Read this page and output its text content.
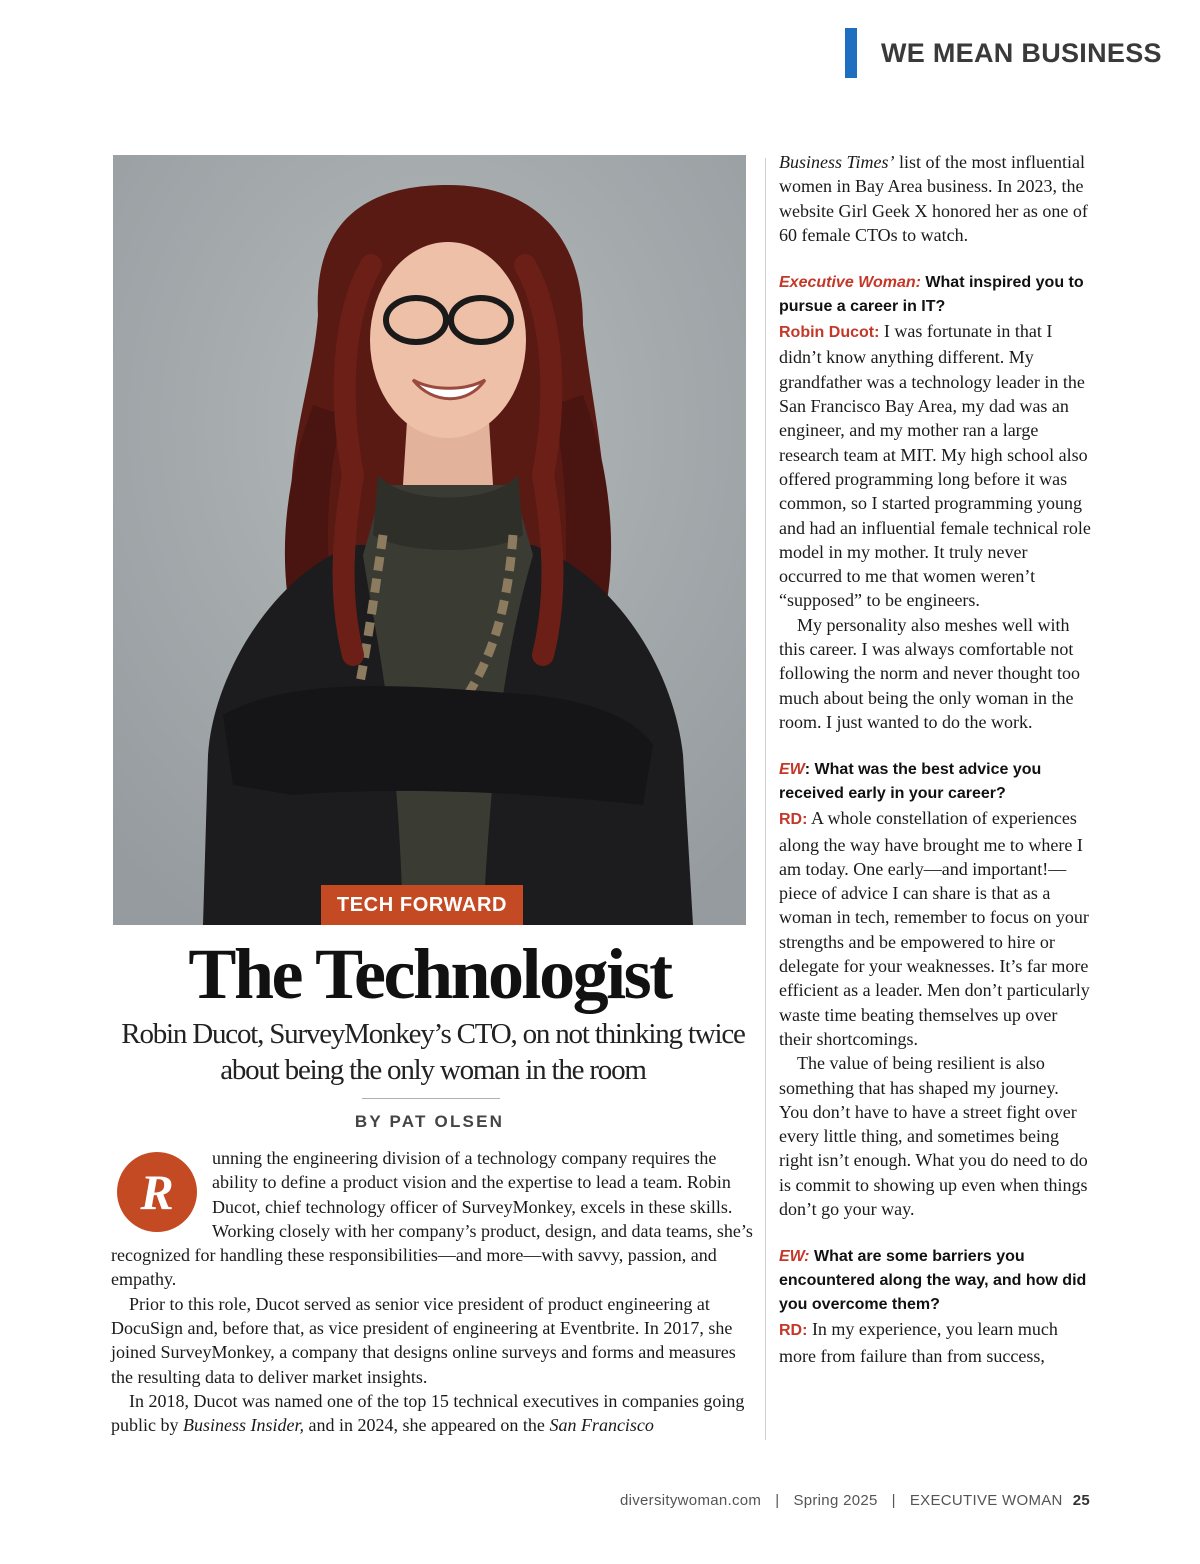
WE MEAN BUSINESS
TECH FORWARD
The Technologist
Robin Ducot, SurveyMonkey’s CTO, on not thinking twice about being the only woman in the room
BY PAT OLSEN
R

unning the engineering division of a technology company requires the ability to define a product vision and the expertise to lead a team. Robin Ducot, chief technology officer of SurveyMonkey, excels in these skills. Working closely with her company’s product, design, and data teams, she’s recognized for handling these responsibilities—and more—with savvy, passion, and empathy.

Prior to this role, Ducot served as senior vice president of product engineering at DocuSign and, before that, as vice president of engineering at Eventbrite. In 2017, she joined SurveyMonkey, a company that designs online surveys and forms and measures the resulting data to deliver market insights.

In 2018, Ducot was named one of the top 15 technical executives in companies going public by Business Insider, and in 2024, she appeared on the San Francisco

Business Times’ list of the most influential women in Bay Area business. In 2023, the website Girl Geek X honored her as one of 60 female CTOs to watch.

Executive Woman: What inspired you to pursue a career in IT?

Robin Ducot: I was fortunate in that I didn’t know anything different. My grandfather was a technology leader in the San Francisco Bay Area, my dad was an engineer, and my mother ran a large research team at MIT. My high school also offered programming long before it was common, so I started programming young and had an influential female technical role model in my mother. It truly never occurred to me that women weren’t “supposed” to be engineers.

My personality also meshes well with this career. I was always comfortable not following the norm and never thought too much about being the only woman in the room. I just wanted to do the work.

EW: What was the best advice you received early in your career?

RD: A whole constellation of experiences along the way have brought me to where I am today. One early—and important!—piece of advice I can share is that as a woman in tech, remember to focus on your strengths and be empowered to hire or delegate for your weaknesses. It’s far more efficient as a leader. Men don’t particularly waste time beating themselves up over their shortcomings.

The value of being resilient is also something that has shaped my journey. You don’t have to have a street fight over every little thing, and sometimes being right isn’t enough. What you do need to do is commit to showing up even when things don’t go your way.

EW: What are some barriers you encountered along the way, and how did you overcome them?

RD: In my experience, you learn much more from failure than from success,

diversitywoman.com | Spring 2025 | EXECUTIVE WOMAN 25
